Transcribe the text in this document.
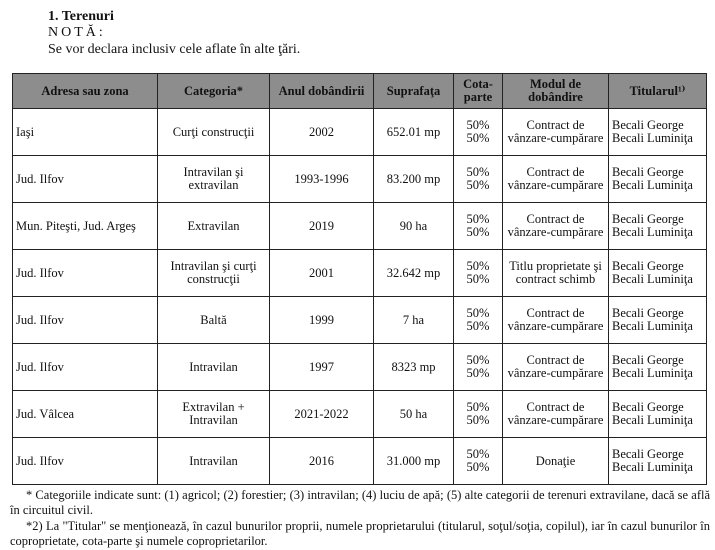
1. Terenuri
NOTĂ:
Se vor declara inclusiv cele aflate în alte ţări.
Adresa sau zona	Categoria*	Anul dobândirii	Suprafaţa	Cota-parte	Modul de dobândire	Titularul¹⁾
Iaşi	Curţi construcţii	2002	652.01 mp	50%
50%	Contract de vânzare-cumpărare	Becali George
Becali Luminiţa

Jud. Ilfov	Intravilan şi extravilan	1993-1996	83.200 mp	50%
50%	Contract de vânzare-cumpărare	Becali George
Becali Luminiţa

Mun. Piteşti, Jud. Argeş	Extravilan	2019	90 ha	50%
50%	Contract de vânzare-cumpărare	Becali George
Becali Luminiţa

Jud. Ilfov	Intravilan şi curţi construcţii	2001	32.642 mp	50%
50%	Titlu proprietate şi contract schimb	Becali George
Becali Luminiţa

Jud. Ilfov	Baltă	1999	7 ha	50%
50%	Contract de vânzare-cumpărare	Becali George
Becali Luminiţa

Jud. Ilfov	Intravilan	1997	8323 mp	50%
50%	Contract de vânzare-cumpărare	Becali George
Becali Luminiţa

Jud. Vâlcea	Extravilan + Intravilan	2021-2022	50 ha	50%
50%	Contract de vânzare-cumpărare	Becali George
Becali Luminiţa

Jud. Ilfov	Intravilan	2016	31.000 mp	50%
50%	Donaţie	Becali George
Becali Luminiţa
* Categoriile indicate sunt: (1) agricol; (2) forestier; (3) intravilan; (4) luciu de apă; (5) alte categorii de terenuri extravilane, dacă se află în circuitul civil.
*2) La "Titular" se menţionează, în cazul bunurilor proprii, numele proprietarului (titularul, soţul/soţia, copilul), iar în cazul bunurilor în coproprietate, cota-parte şi numele coproprietarilor.
